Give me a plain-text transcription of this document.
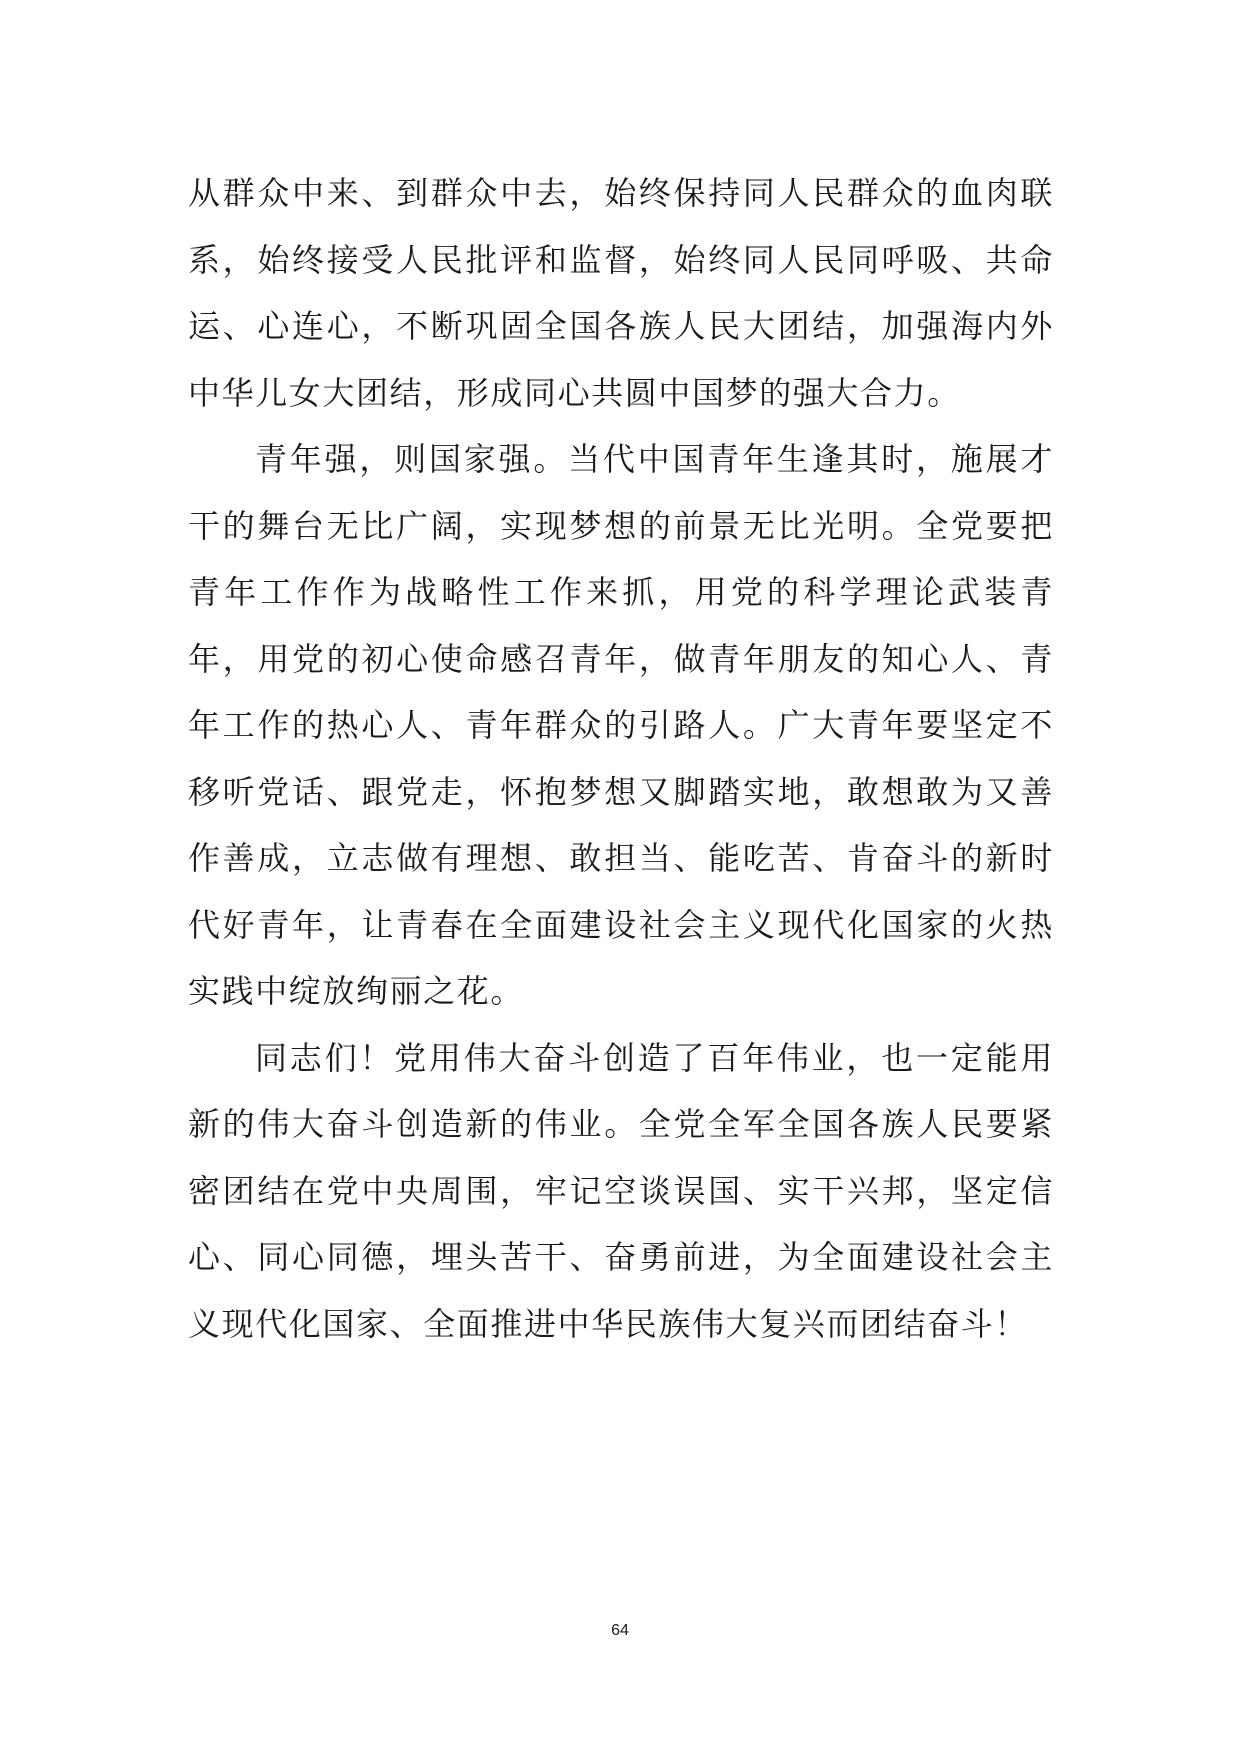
从群众中来、到群众中去，始终保持同人民群众的血肉联系，始终接受人民批评和监督，始终同人民同呼吸、共命运、心连心，不断巩固全国各族人民大团结，加强海内外中华儿女大团结，形成同心共圆中国梦的强大合力。

青年强，则国家强。当代中国青年生逢其时，施展才干的舞台无比广阔，实现梦想的前景无比光明。全党要把青年工作作为战略性工作来抓，用党的科学理论武装青年，用党的初心使命感召青年，做青年朋友的知心人、青年工作的热心人、青年群众的引路人。广大青年要坚定不移听党话、跟党走，怀抱梦想又脚踏实地，敢想敢为又善作善成，立志做有理想、敢担当、能吃苦、肯奋斗的新时代好青年，让青春在全面建设社会主义现代化国家的火热实践中绽放绚丽之花。

同志们！党用伟大奋斗创造了百年伟业，也一定能用新的伟大奋斗创造新的伟业。全党全军全国各族人民要紧密团结在党中央周围，牢记空谈误国、实干兴邦，坚定信心、同心同德，埋头苦干、奋勇前进，为全面建设社会主义现代化国家、全面推进中华民族伟大复兴而团结奋斗！

64
